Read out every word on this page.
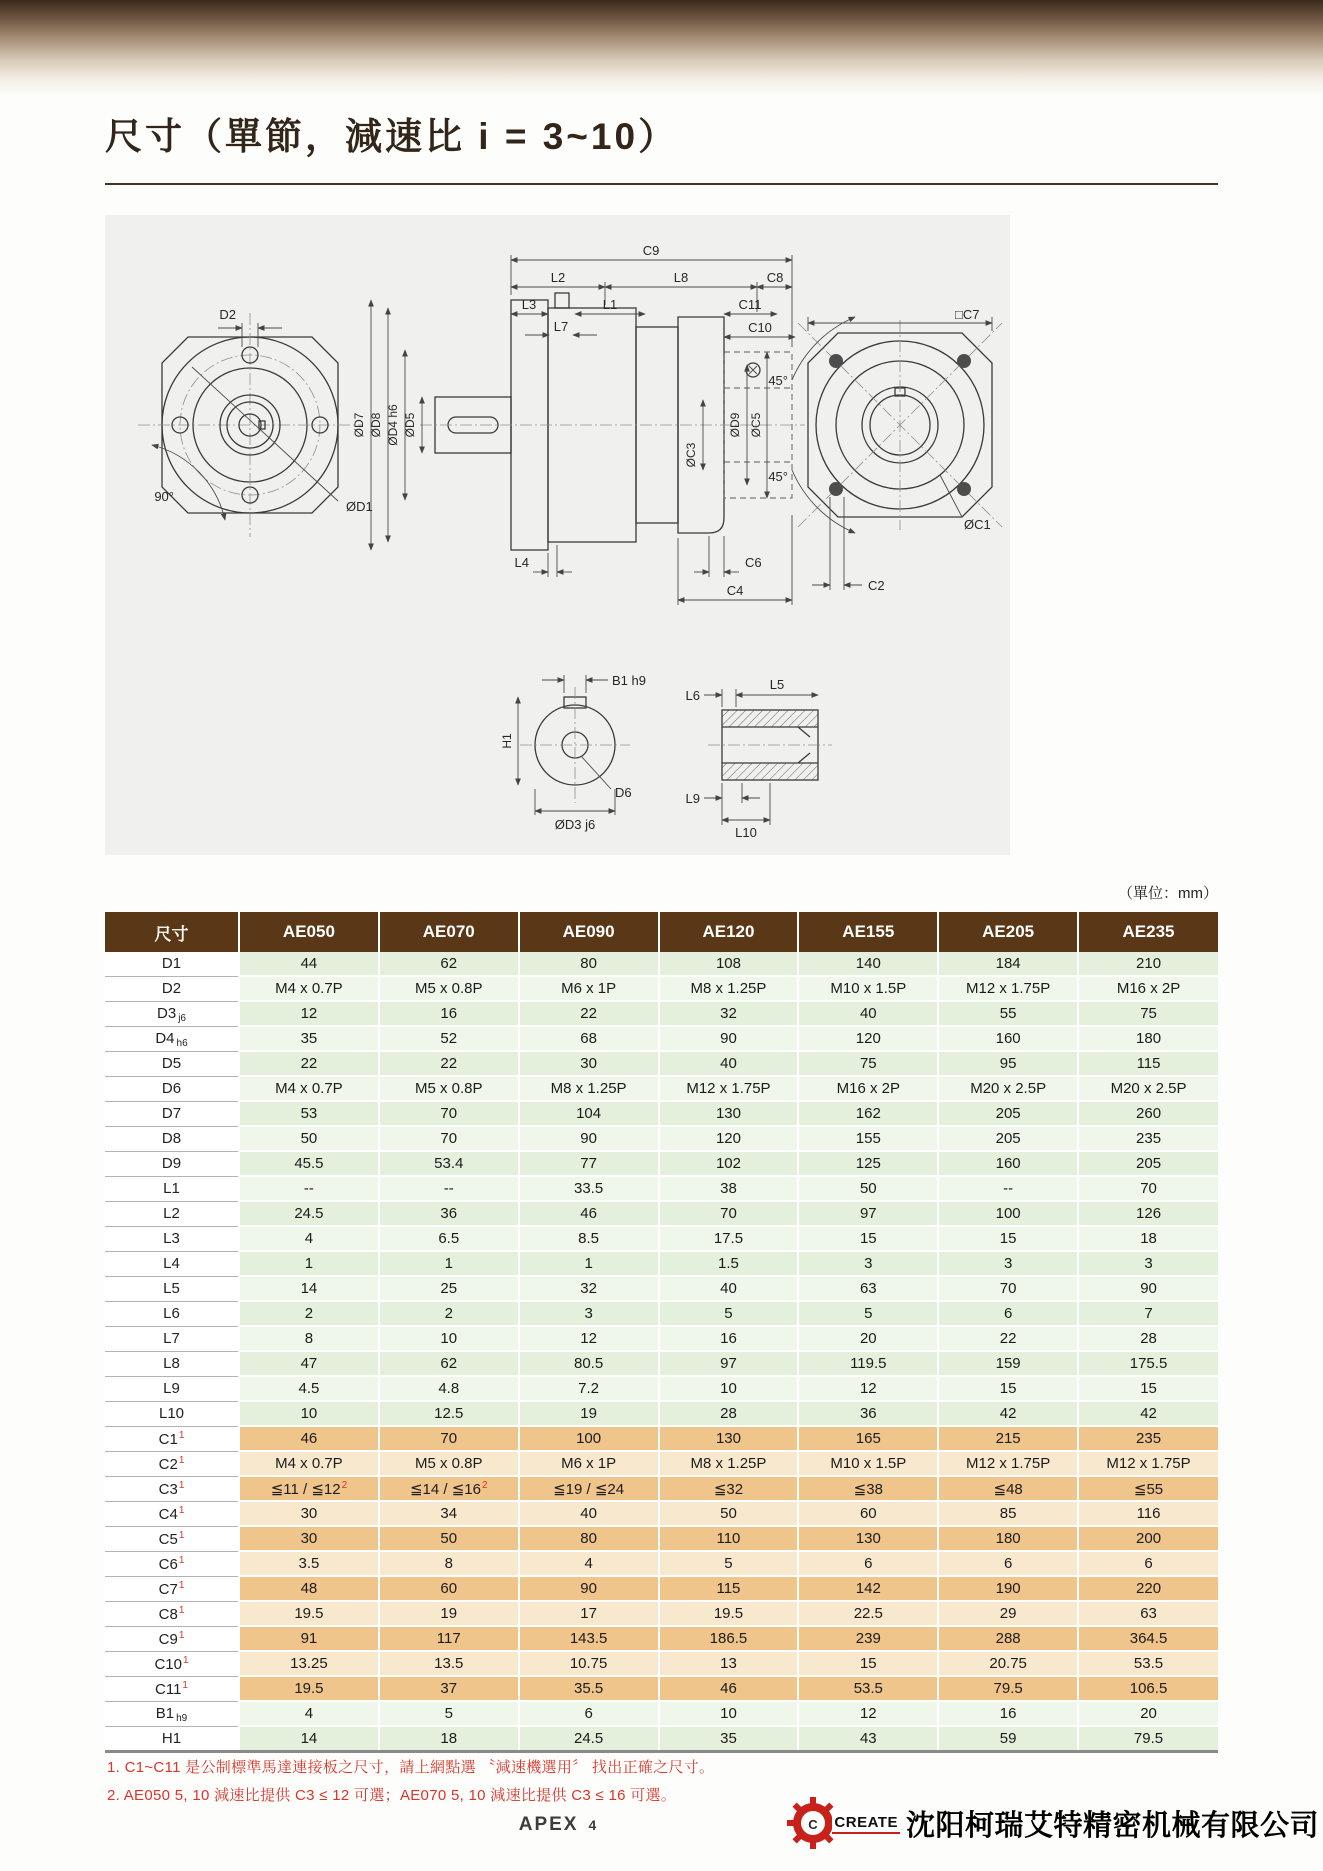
尺寸（單節，減速比 i = 3~10）
D2
90°
ØD1
C9
L2	L8	C8
L3	L1	C11
L7	C10
ØD7 ØD8 ØD4 h6 ØD5
ØC3
ØD9 ØC5
L4	C6
C4
□C7
45°
45°
C2
ØC1
B1 h9
H1
D6
ØD3 j6
L6
L5
L9
L10
（單位：mm）
尺寸	AE050	AE070	AE090	AE120	AE155	AE205	AE235
D1	44	62	80	108	140	184	210
D2	M4 x 0.7P	M5 x 0.8P	M6 x 1P	M8 x 1.25P	M10 x 1.5P	M12 x 1.75P	M16 x 2P
D3 $_{j6}$	12	16	22	32	40	55	75
D4 $_{h6}$	35	52	68	90	120	160	180
D5	22	22	30	40	75	95	115
D6	M4 x 0.7P	M5 x 0.8P	M8 x 1.25P	M12 x 1.75P	M16 x 2P	M20 x 2.5P	M20 x 2.5P
D7	53	70	104	130	162	205	260
D8	50	70	90	120	155	205	235
D9	45.5	53.4	77	102	125	160	205
L1	--	--	33.5	38	50	--	70
L2	24.5	36	46	70	97	100	126
L3	4	6.5	8.5	17.5	15	15	18
L4	1	1	1	1.5	3	3	3
L5	14	25	32	40	63	70	90
L6	2	2	3	5	5	6	7
L7	8	10	12	16	20	22	28
L8	47	62	80.5	97	119.5	159	175.5
L9	4.5	4.8	7.2	10	12	15	15
L10	10	12.5	19	28	36	42	42
$C1^1$	46	70	100	130	165	215	235
$C2^1$	M4 x 0.7P	M5 x 0.8P	M6 x 1P	M8 x 1.25P	M10 x 1.5P	M12 x 1.75P	M12 x 1.75P
$C3^1$	≦11 / $≦12^2$	≦14 / $≦16^2$	≦19 / ≦24	≦32	≦38	≦48	≦55
$C4^1$	30	34	40	50	60	85	116
$C5^1$	30	50	80	110	130	180	200
$C6^1$	3.5	8	4	5	6	6	6
$C7^1$	48	60	90	115	142	190	220
$C8^1$	19.5	19	17	19.5	22.5	29	63
$C9^1$	91	117	143.5	186.5	239	288	364.5
$C10^1$	13.25	13.5	10.75	13	15	20.75	53.5
$C11^1$	19.5	37	35.5	46	53.5	79.5	106.5
B1 $_{h9}$	4	5	6	10	12	16	20
H1	14	18	24.5	35	43	59	79.5
1. C1~C11 是公制標準馬達連接板之尺寸，請上網點選 〝減速機選用〞 找出正確之尺寸。
2. AE050 5, 10 減速比提供 C3 ≤ 12 可選；AE070 5, 10 減速比提供 C3 ≤ 16 可選。
APEX 4	C CREATE 沈阳柯瑞艾特精密机械有限公司
